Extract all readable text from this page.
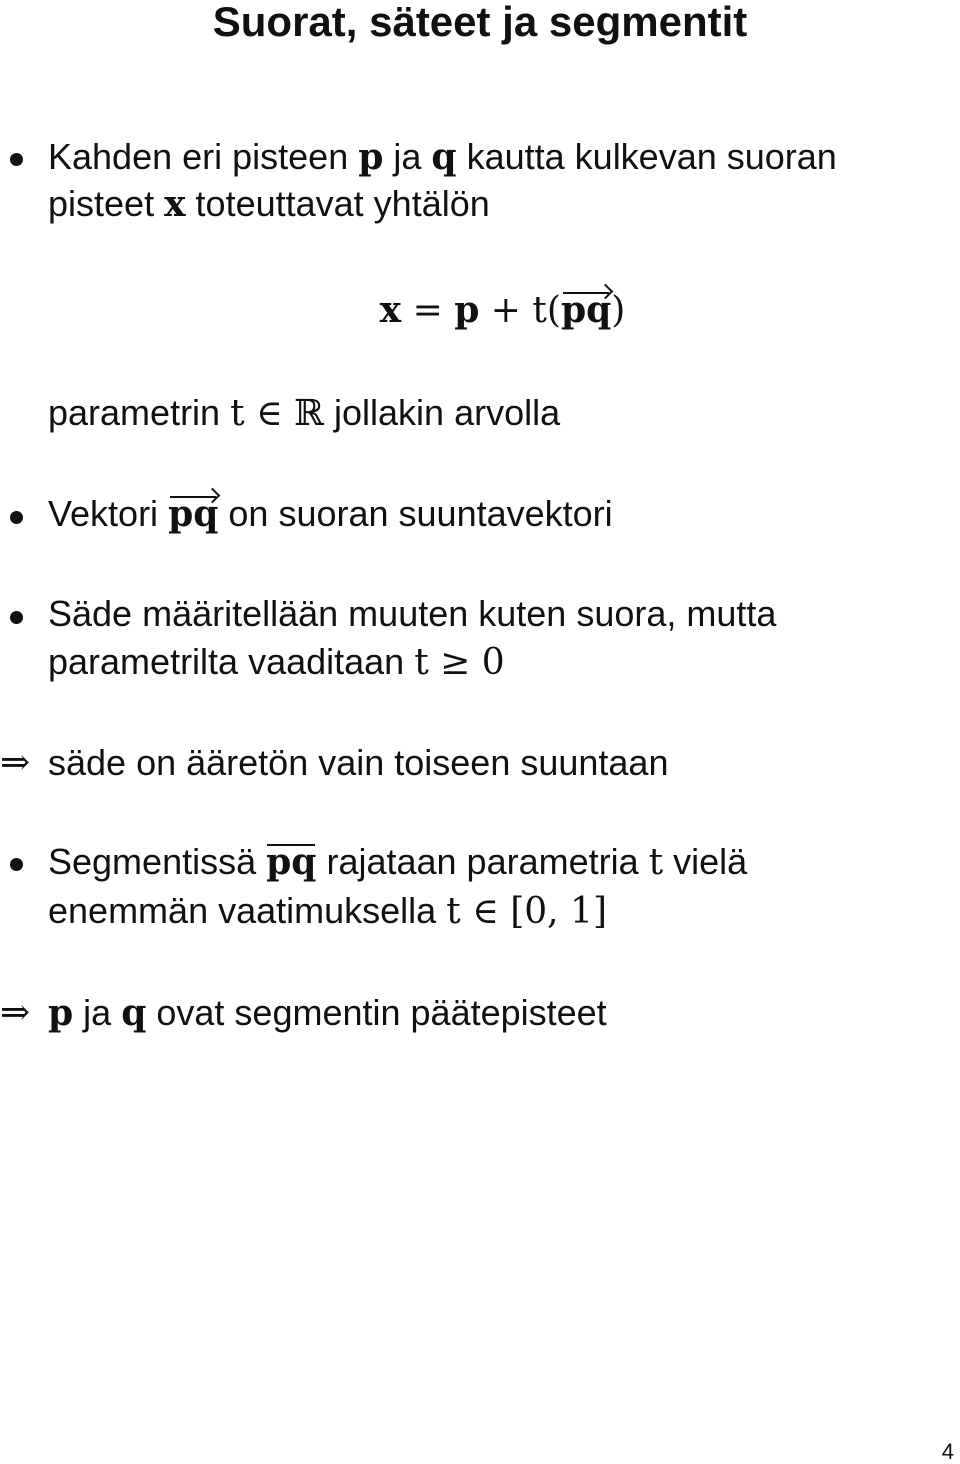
Suorat, säteet ja segmentit
Kahden eri pisteen p ja q kautta kulkevan suoran
pisteet x toteuttavat yhtälön
x = p + t(pq)
parametrin t ∈ ℝ jollakin arvolla
Vektori pq on suoran suuntavektori
Säde määritellään muuten kuten suora, mutta
parametrilta vaaditaan t ≥ 0
⇒ säde on ääretön vain toiseen suuntaan
Segmentissä pq rajataan parametria t vielä
enemmän vaatimuksella t ∈ [0, 1]
⇒ p ja q ovat segmentin päätepisteet
4
